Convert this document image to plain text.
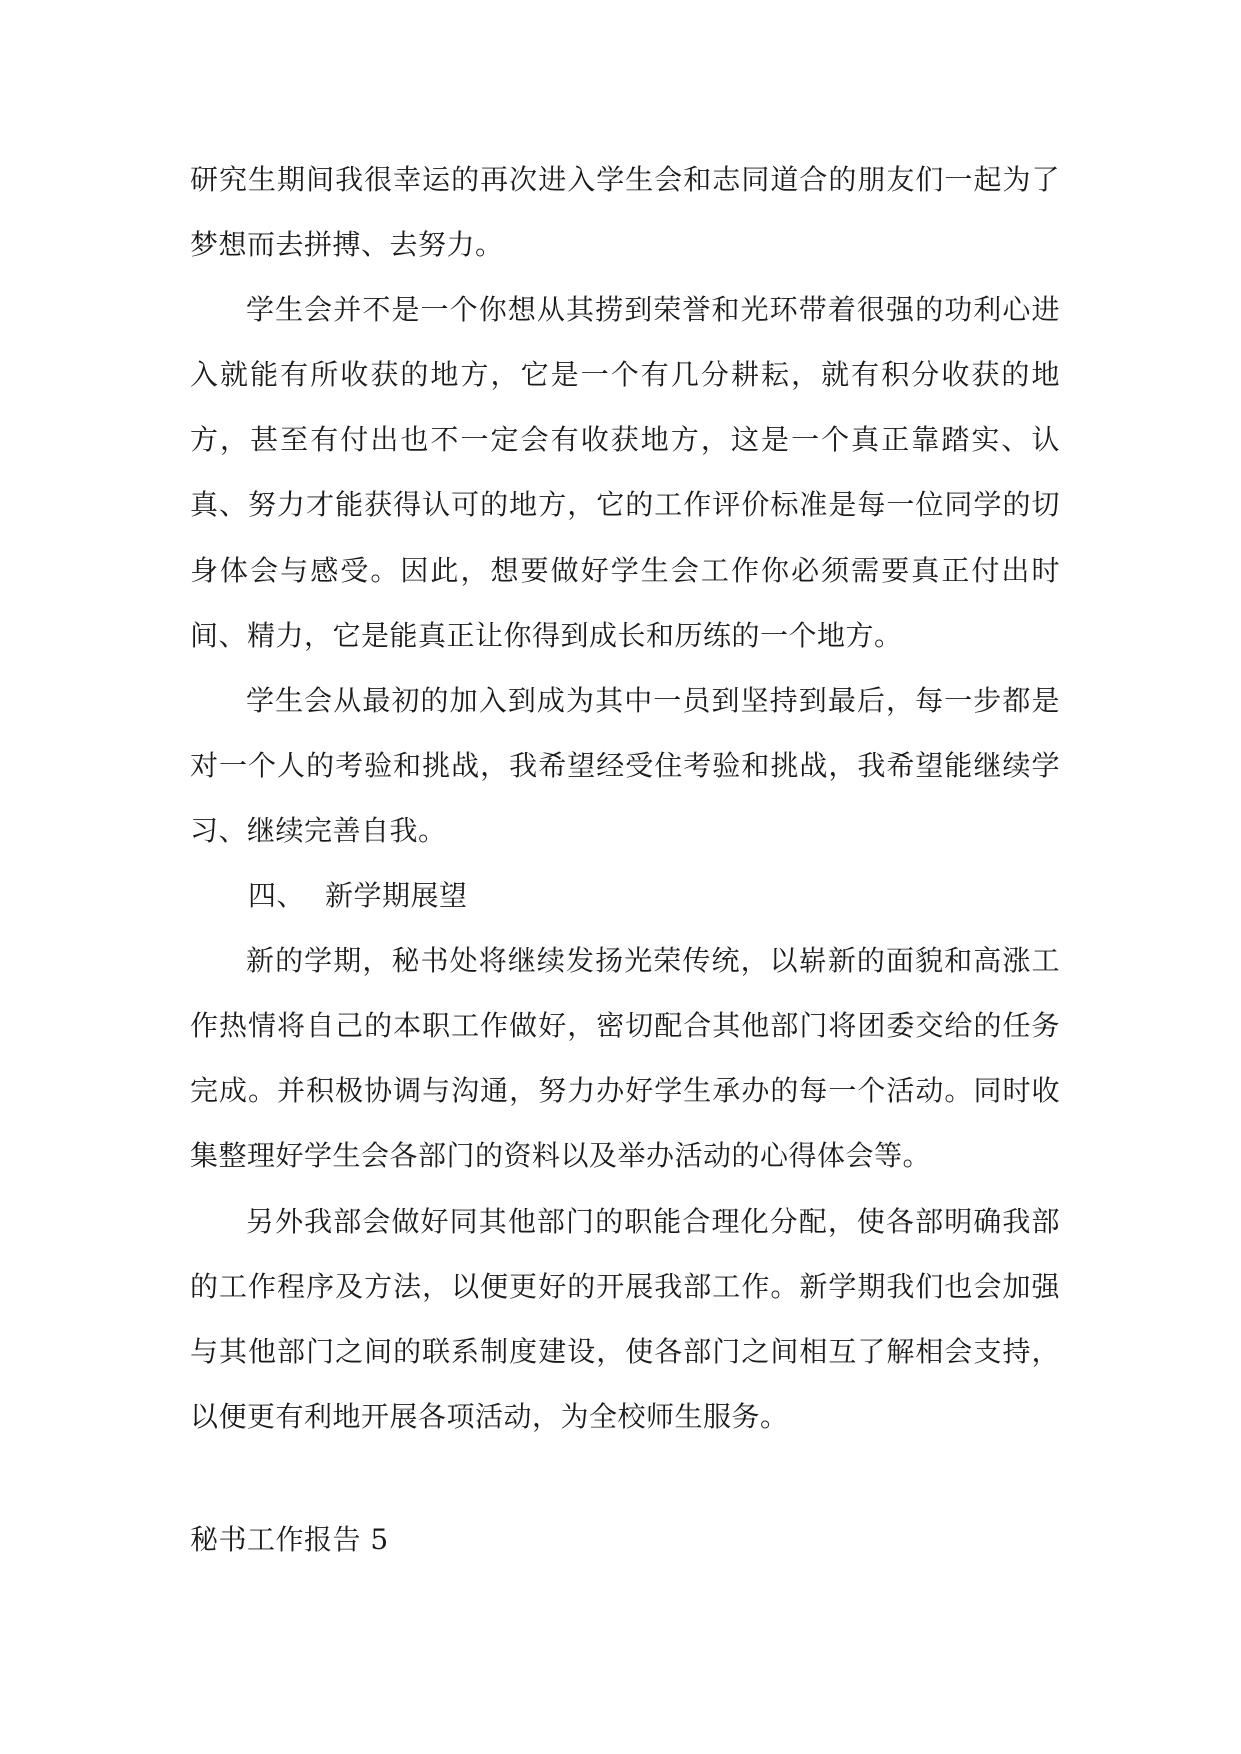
研究生期间我很幸运的再次进入学生会和志同道合的朋友们一起为了梦想而去拼搏、去努力。

学生会并不是一个你想从其捞到荣誉和光环带着很强的功利心进入就能有所收获的地方，它是一个有几分耕耘，就有积分收获的地方，甚至有付出也不一定会有收获地方，这是一个真正靠踏实、认真、努力才能获得认可的地方，它的工作评价标准是每一位同学的切身体会与感受。因此，想要做好学生会工作你必须需要真正付出时间、精力，它是能真正让你得到成长和历练的一个地方。

学生会从最初的加入到成为其中一员到坚持到最后，每一步都是对一个人的考验和挑战，我希望经受住考验和挑战，我希望能继续学习、继续完善自我。

四、 新学期展望

新的学期，秘书处将继续发扬光荣传统，以崭新的面貌和高涨工作热情将自己的本职工作做好，密切配合其他部门将团委交给的任务完成。并积极协调与沟通，努力办好学生承办的每一个活动。同时收集整理好学生会各部门的资料以及举办活动的心得体会等。

另外我部会做好同其他部门的职能合理化分配，使各部明确我部的工作程序及方法，以便更好的开展我部工作。新学期我们也会加强与其他部门之间的联系制度建设，使各部门之间相互了解相会支持，以便更有利地开展各项活动，为全校师生服务。

秘书工作报告 5
